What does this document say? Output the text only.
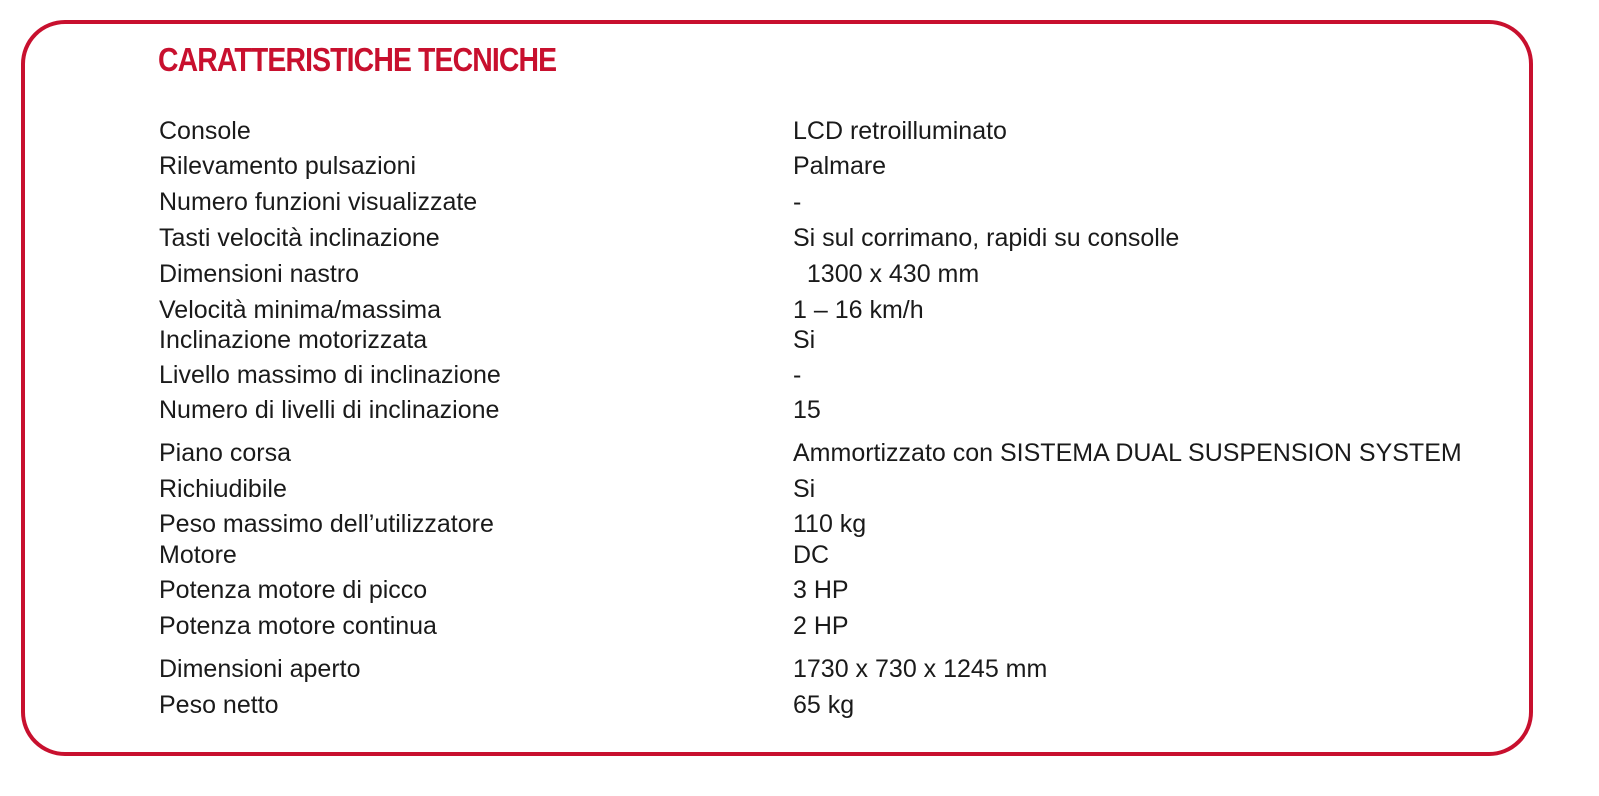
CARATTERISTICHE TECNICHE
Console	LCD retroilluminato
Rilevamento pulsazioni	Palmare
Numero funzioni visualizzate	-
Tasti velocità inclinazione	Si sul corrimano, rapidi su consolle
Dimensioni nastro	1300 x 430 mm
Velocità minima/massima	1 – 16 km/h
Inclinazione motorizzata	Si
Livello massimo di inclinazione	-
Numero di livelli di inclinazione	15
Piano corsa	Ammortizzato con SISTEMA DUAL SUSPENSION SYSTEM
Richiudibile	Si
Peso massimo dell’utilizzatore	110 kg
Motore	DC
Potenza motore di picco	3 HP
Potenza motore continua	2 HP
Dimensioni aperto	1730 x 730 x 1245 mm
Peso netto	65 kg
